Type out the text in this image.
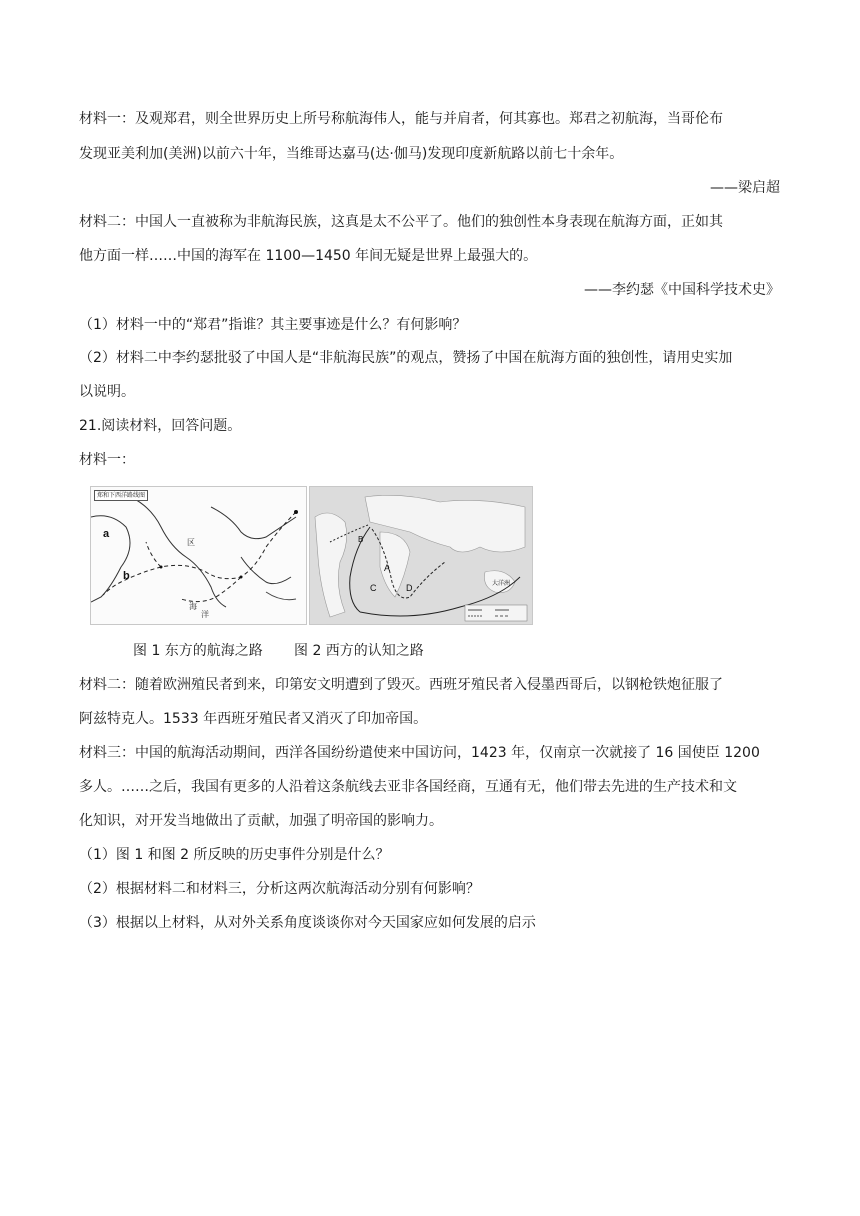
材料一：及观郑君，则全世界历史上所号称航海伟人，能与并肩者，何其寡也。郑君之初航海，当哥伦布
发现亚美利加(美洲)以前六十年，当维哥达嘉马(达·伽马)发现印度新航路以前七十余年。
——梁启超
材料二：中国人一直被称为非航海民族，这真是太不公平了。他们的独创性本身表现在航海方面，正如其
他方面一样……中国的海军在 1100—1450 年间无疑是世界上最强大的。
——李约瑟《中国科学技术史》
（1）材料一中的“郑君”指谁？其主要事迹是什么？有何影响？
（2）材料二中李约瑟批驳了中国人是“非航海民族”的观点，赞扬了中国在航海方面的独创性，请用史实加
以说明。
21.阅读材料，回答问题。
材料一：
a
b
海
洋
区
郑和下西洋路线图
B
A
C	D	大洋洲
图 1 东方的航海之路	图 2 西方的认知之路
材料二：随着欧洲殖民者到来，印第安文明遭到了毁灭。西班牙殖民者入侵墨西哥后，以钢枪铁炮征服了
阿兹特克人。1533 年西班牙殖民者又消灭了印加帝国。
材料三：中国的航海活动期间，西洋各国纷纷遣使来中国访问，1423 年，仅南京一次就接了 16 国使臣 1200
多人。……之后，我国有更多的人沿着这条航线去亚非各国经商，互通有无，他们带去先进的生产技术和文
化知识，对开发当地做出了贡献，加强了明帝国的影响力。
（1）图 1 和图 2 所反映的历史事件分别是什么？
（2）根据材料二和材料三，分析这两次航海活动分别有何影响？
（3）根据以上材料，从对外关系角度谈谈你对今天国家应如何发展的启示
